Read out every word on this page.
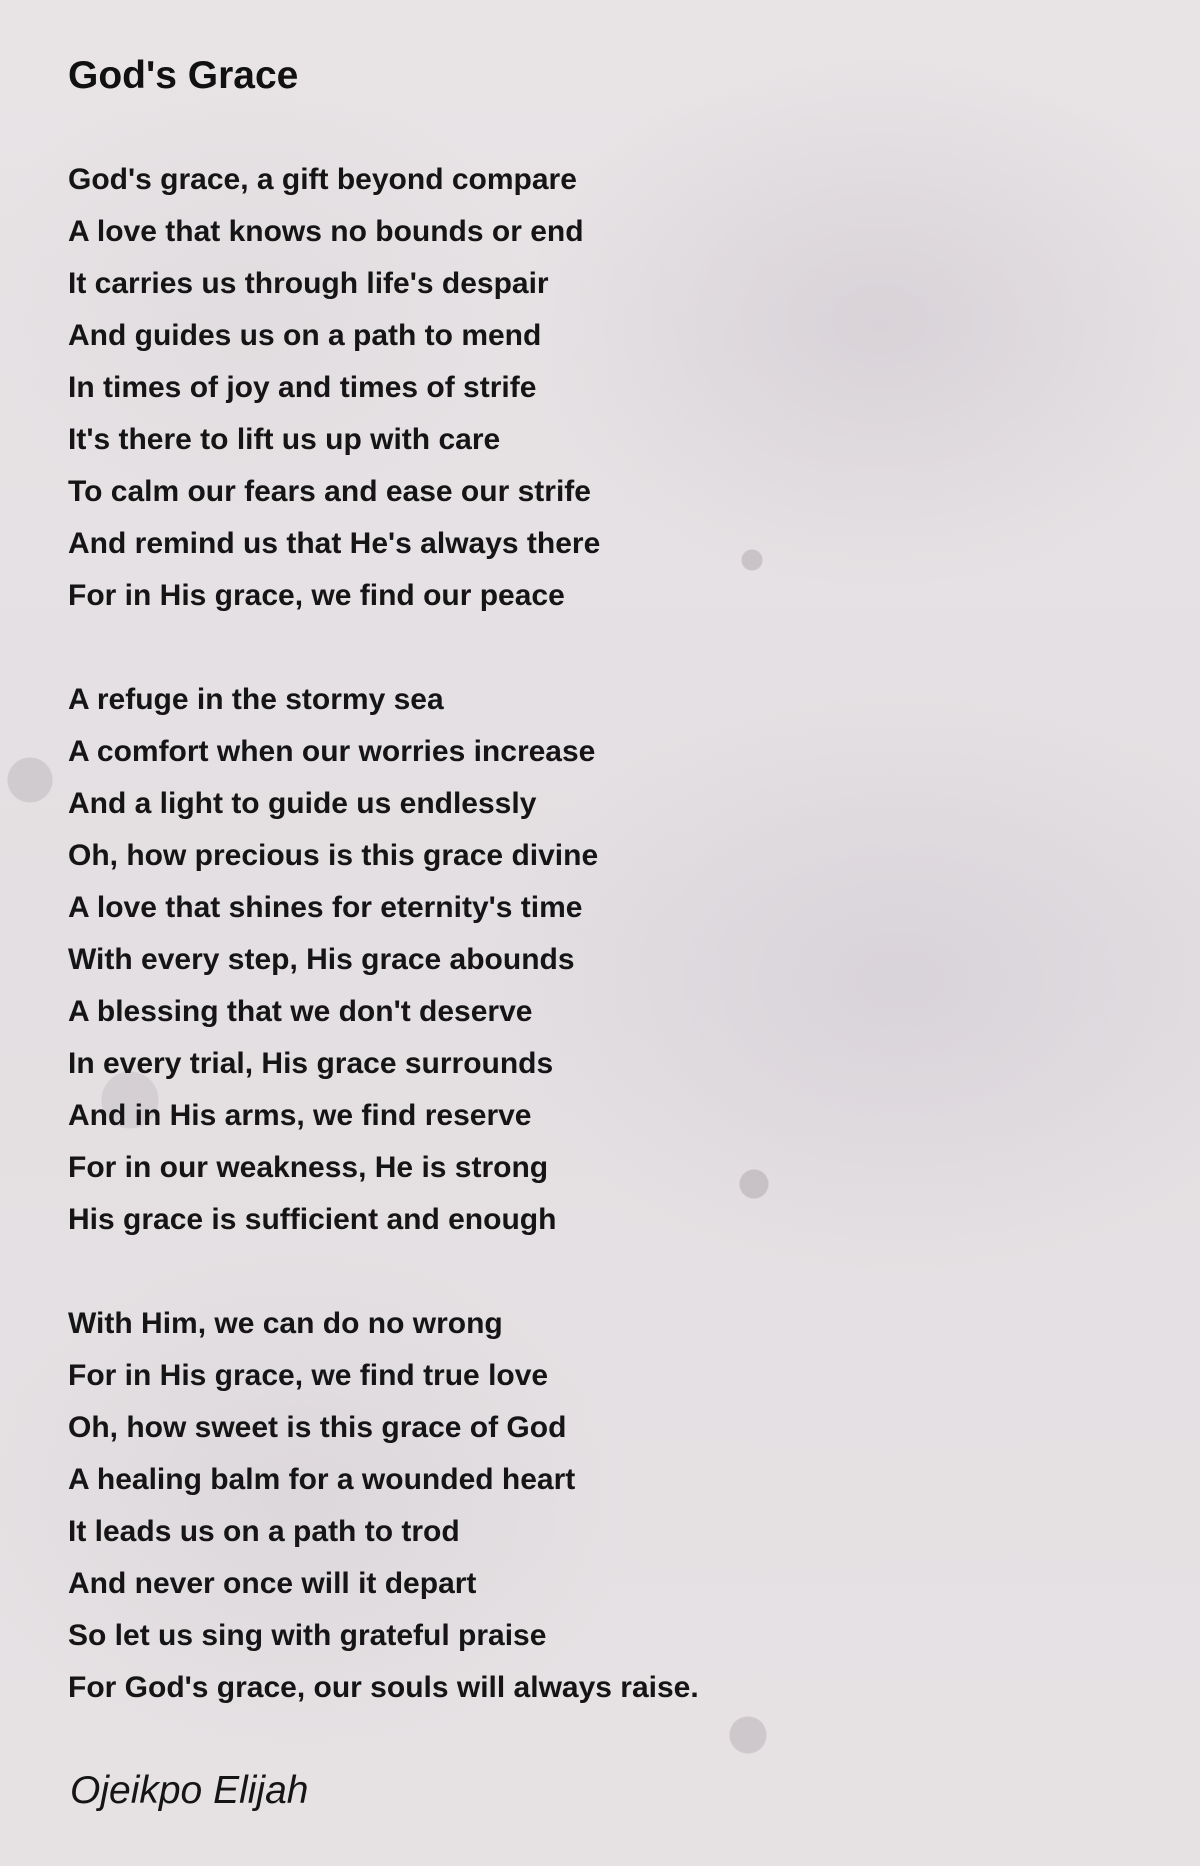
God's Grace
God's grace, a gift beyond compare
A love that knows no bounds or end
It carries us through life's despair
And guides us on a path to mend
In times of joy and times of strife
It's there to lift us up with care
To calm our fears and ease our strife
And remind us that He's always there
For in His grace, we find our peace
A refuge in the stormy sea
A comfort when our worries increase
And a light to guide us endlessly
Oh, how precious is this grace divine
A love that shines for eternity's time
With every step, His grace abounds
A blessing that we don't deserve
In every trial, His grace surrounds
And in His arms, we find reserve
For in our weakness, He is strong
His grace is sufficient and enough
With Him, we can do no wrong
For in His grace, we find true love
Oh, how sweet is this grace of God
A healing balm for a wounded heart
It leads us on a path to trod
And never once will it depart
So let us sing with grateful praise
For God's grace, our souls will always raise.
Ojeikpo Elijah
